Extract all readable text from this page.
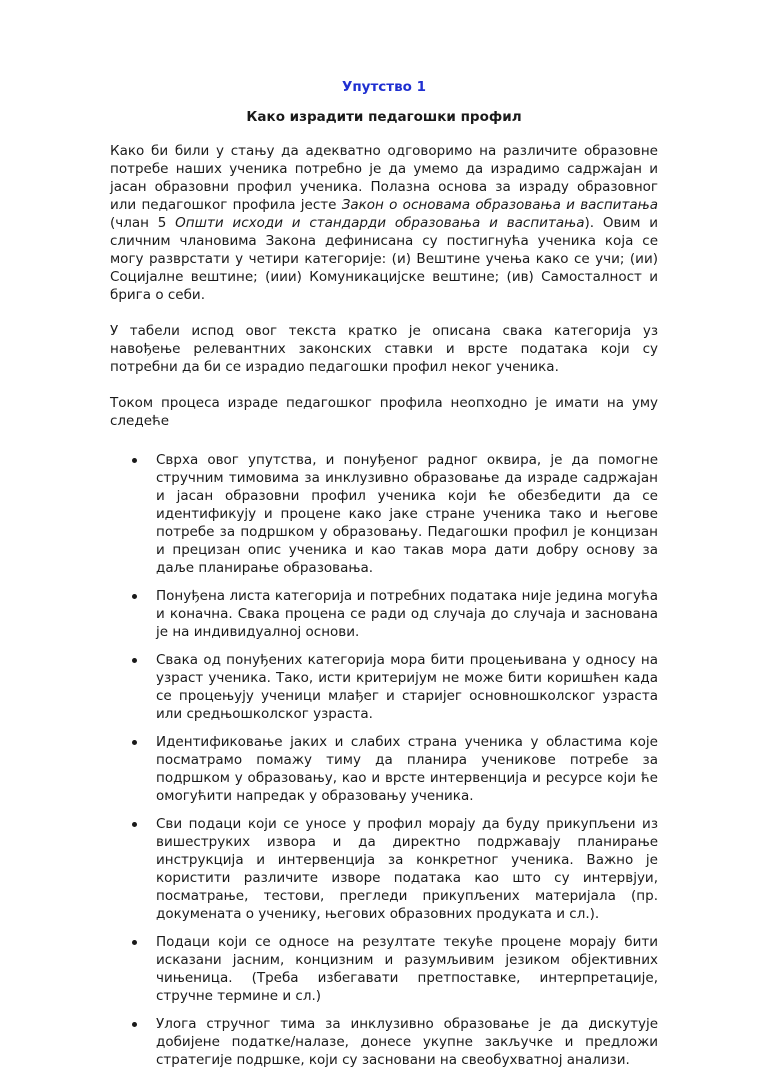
Упутство 1
Како израдити педагошки профил

Како би били у стању да адекватно одговоримо на различите образовне потребе наших ученика потребно је да умемо да израдимо садржајан и јасан образовни профил ученика. Полазна основа за израду образовног или педагошког профила јесте Закон о основама образовања и васпитања (члан 5 Општи исходи и стандарди образовања и васпитања). Овим и сличним члановима Закона дефинисана су постигнућа ученика која се могу разврстати у четири категорије: (и) Вештине учења како се учи; (ии) Социјалне вештине; (иии) Комуникацијске вештине; (ив) Самосталност и брига о себи.

У табели испод овог текста кратко је описана свака категорија уз навођење релевантних законских ставки и врсте података који су потребни да би се израдио педагошки профил неког ученика.

Током процеса израде педагошког профила неопходно је имати на уму следеће

Сврха овог упутства, и понуђеног радног оквира, је да помогне стручним тимовима за инклузивно образовање да израде садржајан и јасан образовни профил ученика који ће обезбедити да се идентификују и процене како јаке стране ученика тако и његове потребе за подршком у образовању. Педагошки профил је концизан и прецизан опис ученика и као такав мора дати добру основу за даље планирање образовања.
Понуђена листа категорија и потребних података није једина могућа и коначна. Свака процена се ради од случаја до случаја и заснована је на индивидуалној основи.
Свака од понуђених категорија мора бити процењивана у односу на узраст ученика. Тако, исти критеријум не може бити коришћен када се процењују ученици млађег и старијег основношколског узраста или средњошколског узраста.
Идентификовање јаких и слабих страна ученика у областима које посматрамо помажу тиму да планира ученикове потребе за подршком у образовању, као и врсте интервенција и ресурсе који ће омогућити напредак у образовању ученика.
Сви подаци који се уносе у профил морају да буду прикупљени из вишеструких извора и да директно подржавају планирање инструкција и интервенција за конкретног ученика. Важно је користити различите изворе података као што су интервјуи, посматрање, тестови, прегледи прикупљених материјала (пр. докумената о ученику, његових образовних продуката и сл.).
Подаци који се односе на резултате текуће процене морају бити исказани јасним, концизним и разумљивим језиком објективних чињеница. (Треба избегавати претпоставке, интерпретације, стручне термине и сл.)
Улога стручног тима за инклузивно образовање је да дискутује добијене податке/налазе, донесе укупне закључке и предложи стратегије подршке, који су засновани на свеобухватној анализи.
